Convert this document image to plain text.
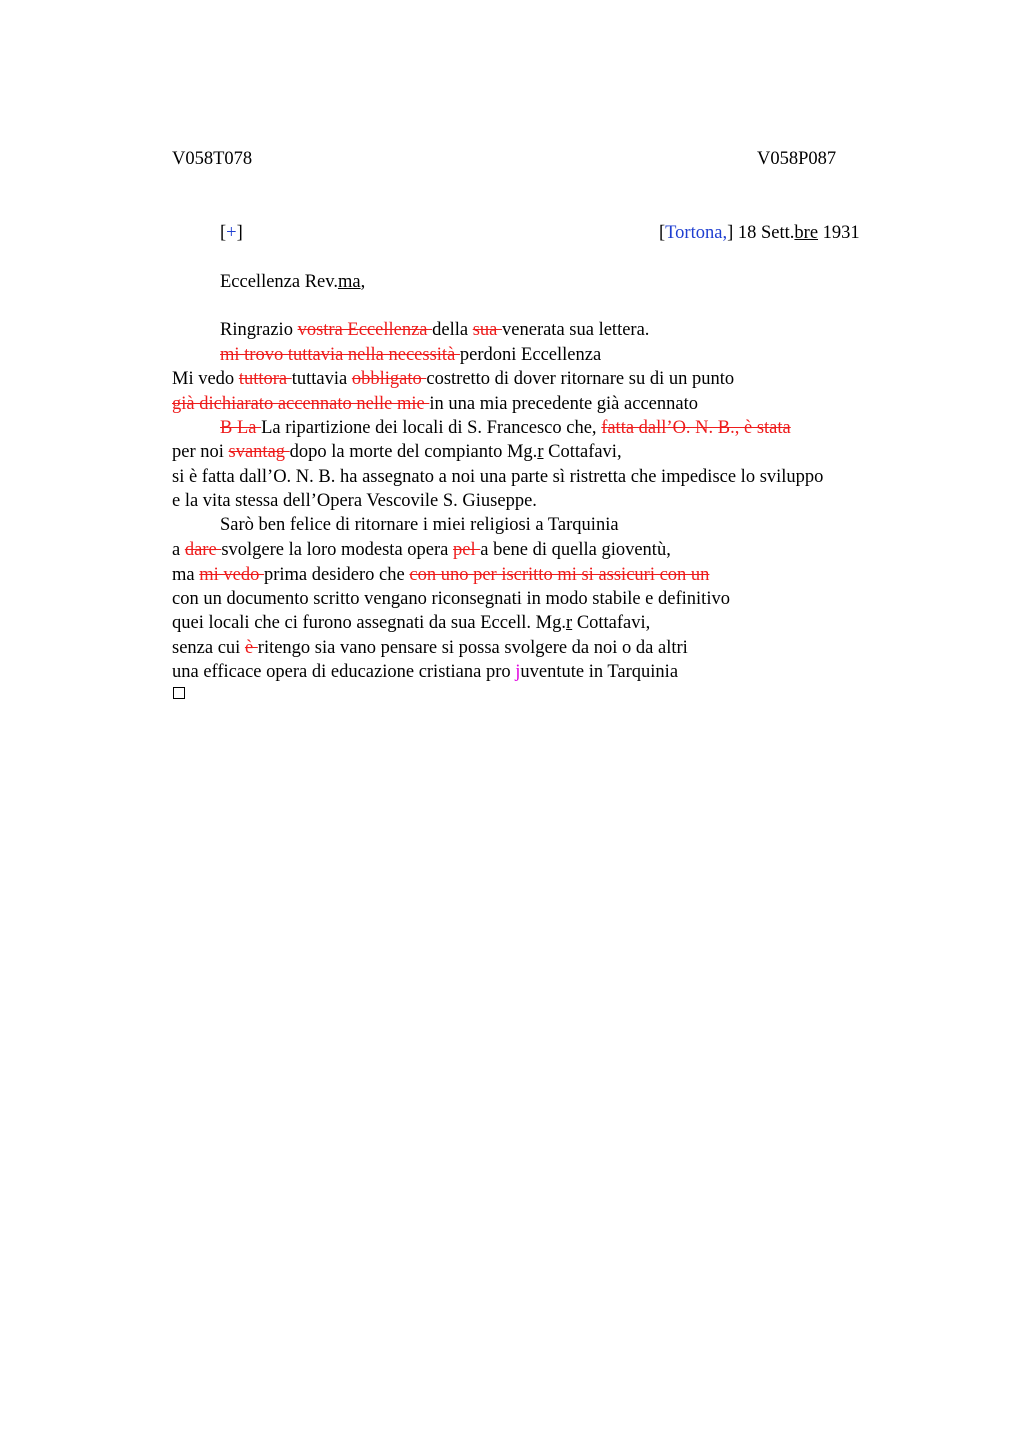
V058T078	V058P087
[+]	[Tortona,] 18 Sett.bre 1931
Eccellenza Rev.ma,
Ringrazio vostra Eccellenza della sua venerata sua lettera.
mi trovo tuttavia nella necessità perdoni Eccellenza
Mi vedo tuttora tuttavia obbligato costretto di dover ritornare su di un punto
già dichiarato accennato nelle mie in una mia precedente già accennato
B La La ripartizione dei locali di S. Francesco che, fatta dall’O. N. B., è stata
per noi svantag dopo la morte del compianto Mg.r Cottafavi,
si è fatta dall’O. N. B. ha assegnato a noi una parte sì ristretta che impedisce lo sviluppo
e la vita stessa dell’Opera Vescovile S. Giuseppe.
Sarò ben felice di ritornare i miei religiosi a Tarquinia
a dare svolgere la loro modesta opera pel a bene di quella gioventù,
ma mi vedo prima desidero che con uno per iscritto mi si assicuri con un
con un documento scritto vengano riconsegnati in modo stabile e definitivo
quei locali che ci furono assegnati da sua Eccell. Mg.r Cottafavi,
senza cui è ritengo sia vano pensare si possa svolgere da noi o da altri
una efficace opera di educazione cristiana pro juventute in Tarquinia
